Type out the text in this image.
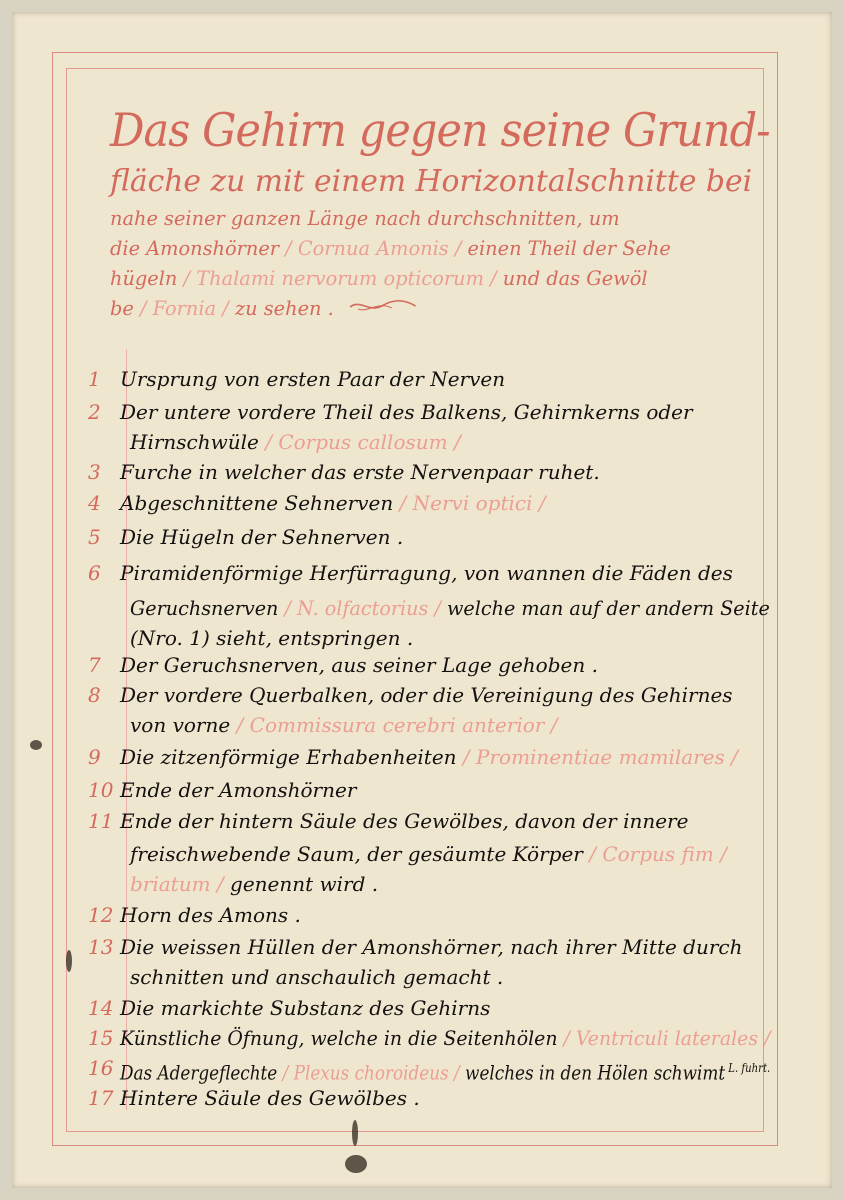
Das Gehirn gegen seine Grund-
fläche zu mit einem Horizontalschnitte bei
nahe seiner ganzen Länge nach durchschnitten, um
die Amonshörner / Cornua Amonis / einen Theil der Sehe
hügeln / Thalami nervorum opticorum / und das Gewöl
be / Fornia / zu sehen .
1 Ursprung von ersten Paar der Nerven
2 Der untere vordere Theil des Balkens, Gehirnkerns oder
Hirnschwüle / Corpus callosum /
3 Furche in welcher das erste Nervenpaar ruhet.
4 Abgeschnittene Sehnerven / Nervi optici /
5 Die Hügeln der Sehnerven .
6 Piramidenförmige Herfürragung, von wannen die Fäden des
Geruchsnerven / N. olfactorius / welche man auf der andern Seite
(Nro. 1) sieht, entspringen .
7 Der Geruchsnerven, aus seiner Lage gehoben .
8 Der vordere Querbalken, oder die Vereinigung des Gehirnes
von vorne / Commissura cerebri anterior /
9 Die zitzenförmige Erhabenheiten / Prominentiae mamilares /
10 Ende der Amonshörner
11 Ende der hintern Säule des Gewölbes, davon der innere
freischwebende Saum, der gesäumte Körper / Corpus fim /
briatum / genennt wird .
12 Horn des Amons .
13 Die weissen Hüllen der Amonshörner, nach ihrer Mitte durch
schnitten und anschaulich gemacht .
14 Die markichte Substanz des Gehirns
15 Künstliche Öfnung, welche in die Seitenhölen / Ventriculi laterales /
16 Das Adergeflechte / Plexus choroideus / welches in den Hölen schwimt $^{L. fuhrt.}$
17 Hintere Säule des Gewölbes .
